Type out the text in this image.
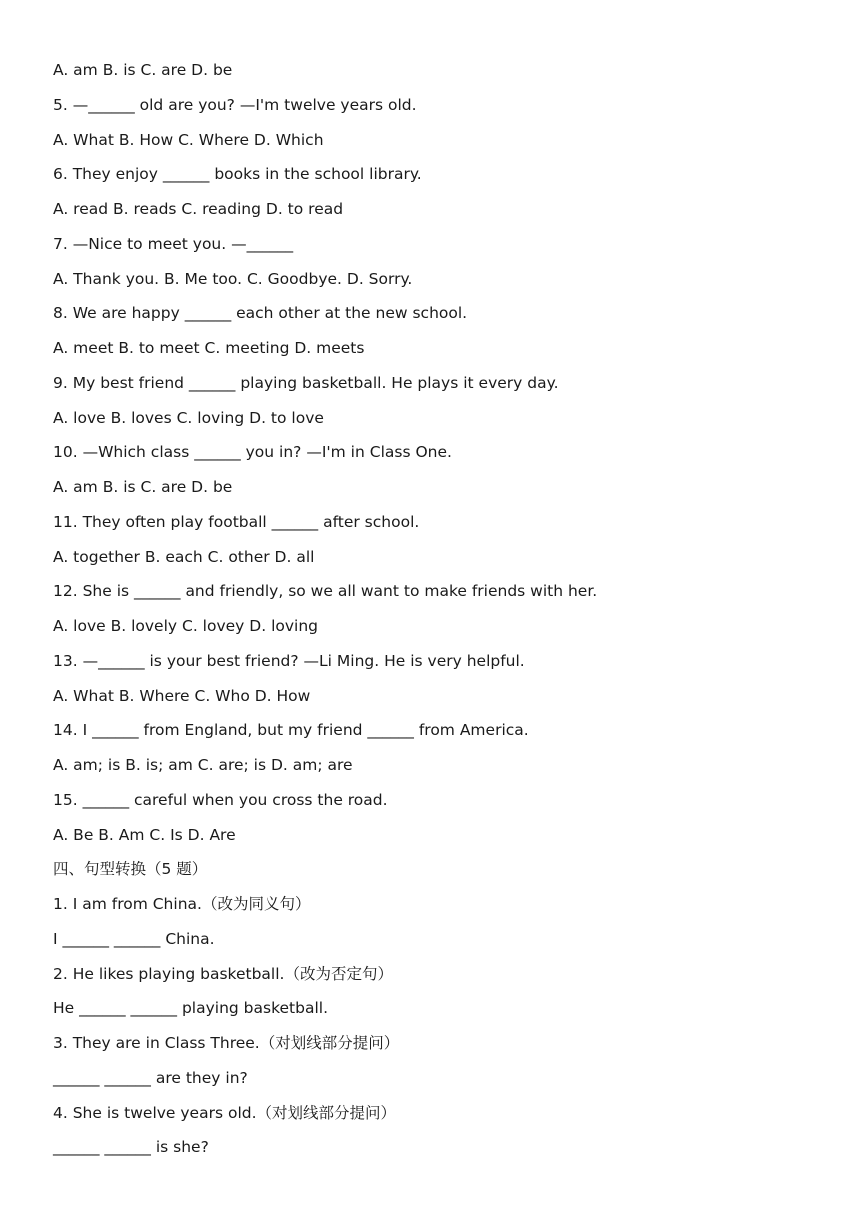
A. am B. is C. are D. be
5. —______ old are you? —I'm twelve years old.
A. What B. How C. Where D. Which
6. They enjoy ______ books in the school library.
A. read B. reads C. reading D. to read
7. —Nice to meet you. —______
A. Thank you. B. Me too. C. Goodbye. D. Sorry.
8. We are happy ______ each other at the new school.
A. meet B. to meet C. meeting D. meets
9. My best friend ______ playing basketball. He plays it every day.
A. love B. loves C. loving D. to love
10. —Which class ______ you in? —I'm in Class One.
A. am B. is C. are D. be
11. They often play football ______ after school.
A. together B. each C. other D. all
12. She is ______ and friendly, so we all want to make friends with her.
A. love B. lovely C. lovey D. loving
13. —______ is your best friend? —Li Ming. He is very helpful.
A. What B. Where C. Who D. How
14. I ______ from England, but my friend ______ from America.
A. am; is B. is; am C. are; is D. am; are
15. ______ careful when you cross the road.
A. Be B. Am C. Is D. Are
四、句型转换（5 题）
1. I am from China.（改为同义句）
I ______ ______ China.
2. He likes playing basketball.（改为否定句）
He ______ ______ playing basketball.
3. They are in Class Three.（对划线部分提问）
______ ______ are they in?
4. She is twelve years old.（对划线部分提问）
______ ______ is she?
